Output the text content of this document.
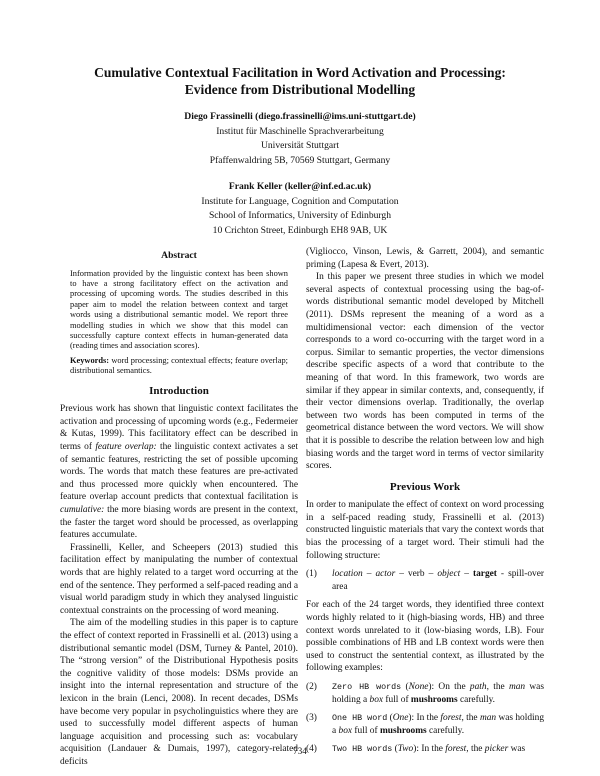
Cumulative Contextual Facilitation in Word Activation and Processing:
Evidence from Distributional Modelling
Diego Frassinelli (diego.frassinelli@ims.uni-stuttgart.de)
Institut für Maschinelle Sprachverarbeitung
Universität Stuttgart
Pfaffenwaldring 5B, 70569 Stuttgart, Germany
Frank Keller (keller@inf.ed.ac.uk)
Institute for Language, Cognition and Computation
School of Informatics, University of Edinburgh
10 Crichton Street, Edinburgh EH8 9AB, UK
Abstract
Information provided by the linguistic context has been shown to have a strong facilitatory effect on the activation and processing of upcoming words. The studies described in this paper aim to model the relation between context and target words using a distributional semantic model. We report three modelling studies in which we show that this model can successfully capture context effects in human-generated data (reading times and association scores).
Keywords: word processing; contextual effects; feature overlap; distributional semantics.
Introduction

Previous work has shown that linguistic context facilitates the activation and processing of upcoming words (e.g., Federmeier & Kutas, 1999). This facilitatory effect can be described in terms of feature overlap: the linguistic context activates a set of semantic features, restricting the set of possible upcoming words. The words that match these features are pre-activated and thus processed more quickly when encountered. The feature overlap account predicts that contextual facilitation is cumulative: the more biasing words are present in the context, the faster the target word should be processed, as overlapping features accumulate.

Frassinelli, Keller, and Scheepers (2013) studied this facilitation effect by manipulating the number of contextual words that are highly related to a target word occurring at the end of the sentence. They performed a self-paced reading and a visual world paradigm study in which they analysed linguistic contextual constraints on the processing of word meaning.

The aim of the modelling studies in this paper is to capture the effect of context reported in Frassinelli et al. (2013) using a distributional semantic model (DSM, Turney & Pantel, 2010). The “strong version” of the Distributional Hypothesis posits the cognitive validity of those models: DSMs provide an insight into the internal representation and structure of the lexicon in the brain (Lenci, 2008). In recent decades, DSMs have become very popular in psycholinguistics where they are used to successfully model different aspects of human language acquisition and processing such as: vocabulary acquisition (Landauer & Dumais, 1997), category-related deficits

(Vigliocco, Vinson, Lewis, & Garrett, 2004), and semantic priming (Lapesa & Evert, 2013).

In this paper we present three studies in which we model several aspects of contextual processing using the bag-of-words distributional semantic model developed by Mitchell (2011). DSMs represent the meaning of a word as a multidimensional vector: each dimension of the vector corresponds to a word co-occurring with the target word in a corpus. Similar to semantic properties, the vector dimensions describe specific aspects of a word that contribute to the meaning of that word. In this framework, two words are similar if they appear in similar contexts, and, consequently, if their vector dimensions overlap. Traditionally, the overlap between two words has been computed in terms of the geometrical distance between the word vectors. We will show that it is possible to describe the relation between low and high biasing words and the target word in terms of vector similarity scores.

Previous Work

In order to manipulate the effect of context on word processing in a self-paced reading study, Frassinelli et al. (2013) constructed linguistic materials that vary the context words that bias the processing of a target word. Their stimuli had the following structure:

(1)	location – actor – verb – object – target - spill-over area

For each of the 24 target words, they identified three context words highly related to it (high-biasing words, HB) and three context words unrelated to it (low-biasing words, LB). Four possible combinations of HB and LB context words were then used to construct the sentential context, as illustrated by the following examples:

(2)	Zero HB words (None): On the path, the man was holding a box full of mushrooms carefully.
(3)	One HB word (One): In the forest, the man was holding a box full of mushrooms carefully.
(4)	Two HB words (Two): In the forest, the picker was
734
